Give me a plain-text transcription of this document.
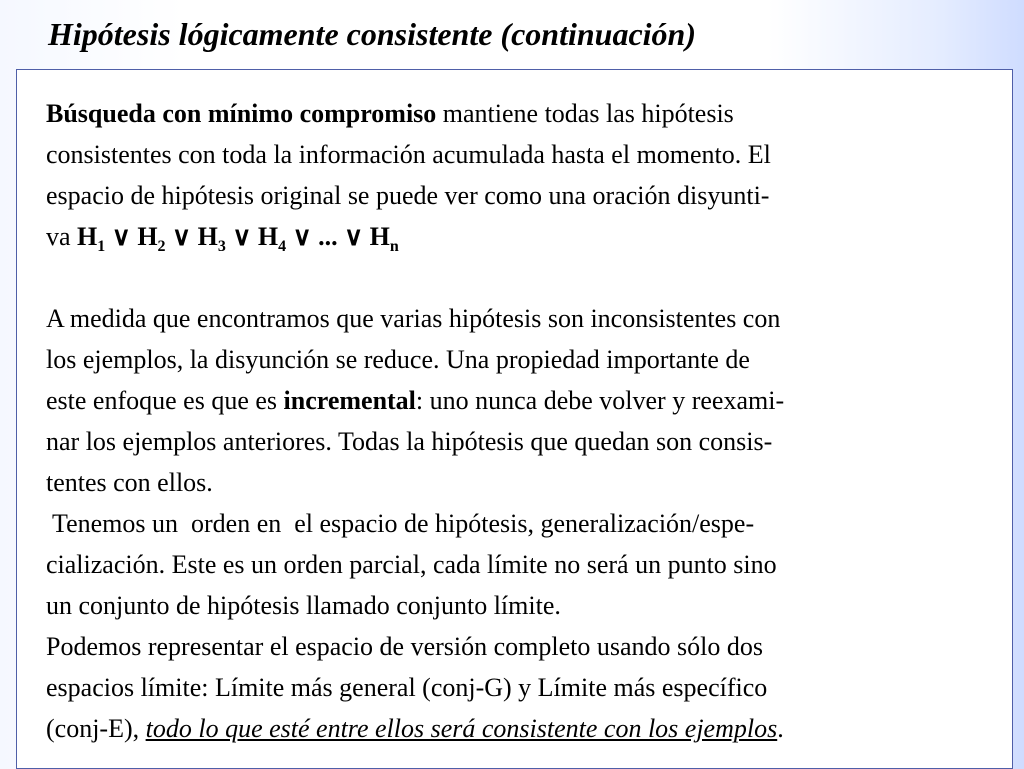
Hipótesis lógicamente consistente (continuación)
Búsqueda con mínimo compromiso mantiene todas las hipótesis
consistentes con toda la información acumulada hasta el momento. El
espacio de hipótesis original se puede ver como una oración disyunti-
va $H_1$ ∨ $H_2$ ∨ $H_3$ ∨ $H_4$ ∨ ... ∨ $H_n$
A medida que encontramos que varias hipótesis son inconsistentes con
los ejemplos, la disyunción se reduce. Una propiedad importante de
este enfoque es que es incremental: uno nunca debe volver y reexami-
nar los ejemplos anteriores. Todas la hipótesis que quedan son consis-
tentes con ellos.
Tenemos un  orden en  el espacio de hipótesis, generalización/espe-
cialización. Este es un orden parcial, cada límite no será un punto sino
un conjunto de hipótesis llamado conjunto límite.
Podemos representar el espacio de versión completo usando sólo dos
espacios límite: Límite más general (conj-G) y Límite más específico
(conj-E), todo lo que esté entre ellos será consistente con los ejemplos.
